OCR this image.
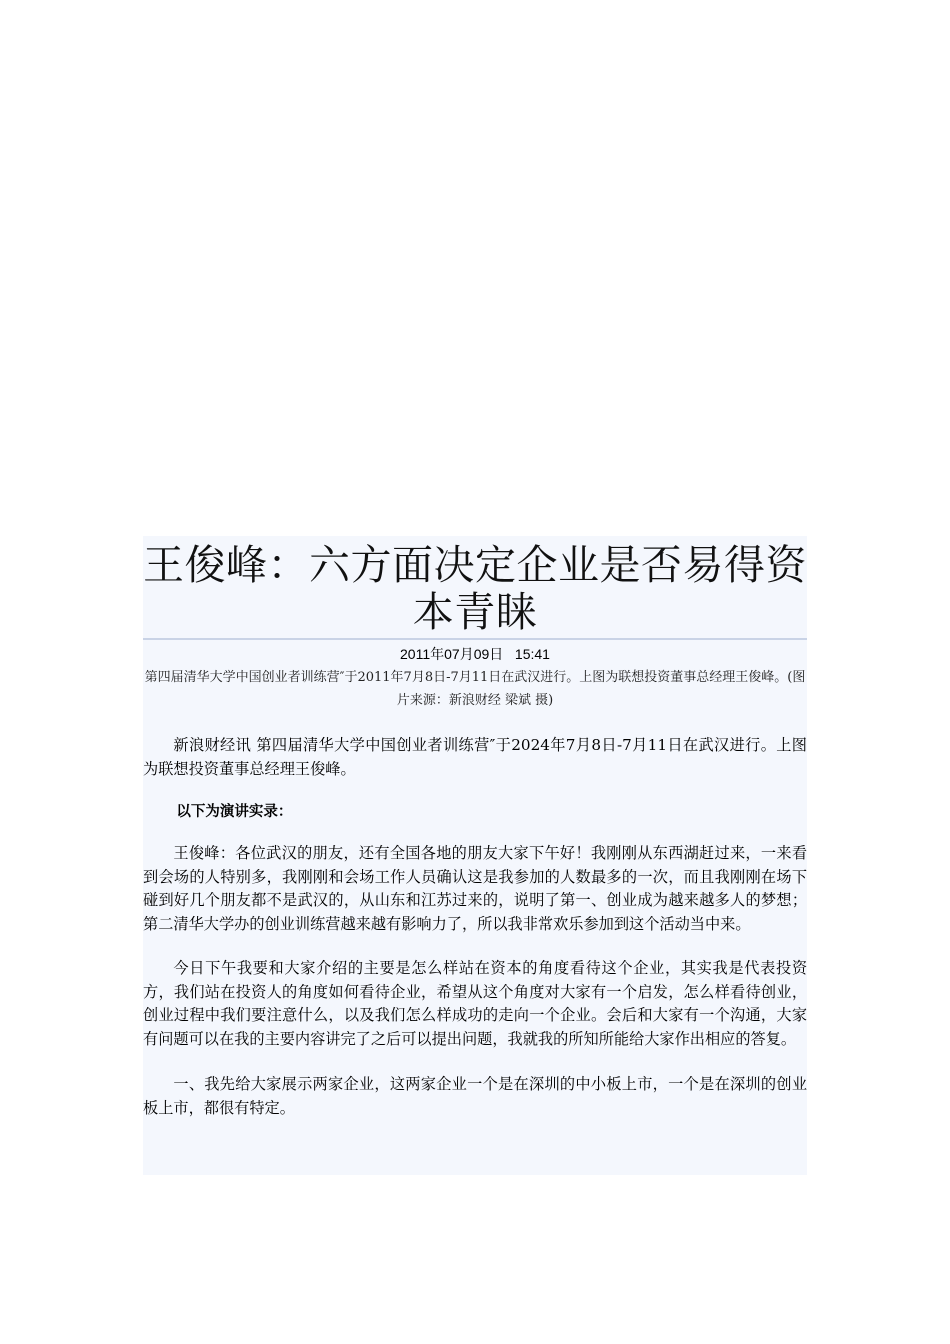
王俊峰：六方面决定企业是否易得资本青睐
2011年07月09日   15:41

第四届清华大学中国创业者训练营″于2011年7月8日-7月11日在武汉进行。上图为联想投资董事总经理王俊峰。(图片来源：新浪财经 梁斌 摄)

新浪财经讯 第四届清华大学中国创业者训练营″于2024年7月8日-7月11日在武汉进行。上图为联想投资董事总经理王俊峰。

以下为演讲实录：

王俊峰：各位武汉的朋友，还有全国各地的朋友大家下午好！我刚刚从东西湖赶过来，一来看到会场的人特别多，我刚刚和会场工作人员确认这是我参加的人数最多的一次，而且我刚刚在场下碰到好几个朋友都不是武汉的，从山东和江苏过来的，说明了第一、创业成为越来越多人的梦想；第二清华大学办的创业训练营越来越有影响力了，所以我非常欢乐参加到这个活动当中来。

今日下午我要和大家介绍的主要是怎么样站在资本的角度看待这个企业，其实我是代表投资方，我们站在投资人的角度如何看待企业，希望从这个角度对大家有一个启发，怎么样看待创业，创业过程中我们要注意什么，以及我们怎么样成功的走向一个企业。会后和大家有一个沟通，大家有问题可以在我的主要内容讲完了之后可以提出问题，我就我的所知所能给大家作出相应的答复。

一、我先给大家展示两家企业，这两家企业一个是在深圳的中小板上市，一个是在深圳的创业板上市，都很有特定。
